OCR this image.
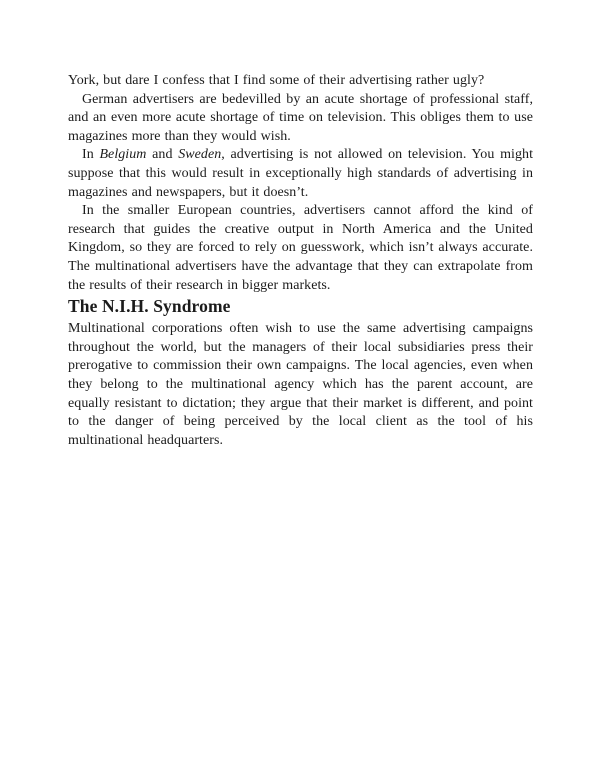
York, but dare I confess that I find some of their advertising rather ugly?

German advertisers are bedevilled by an acute shortage of professional staff, and an even more acute shortage of time on television. This obliges them to use magazines more than they would wish.

In Belgium and Sweden, advertising is not allowed on television. You might suppose that this would result in exceptionally high standards of advertising in magazines and newspapers, but it doesn’t.

In the smaller European countries, advertisers cannot afford the kind of research that guides the creative output in North America and the United Kingdom, so they are forced to rely on guesswork, which isn’t always accurate. The multinational advertisers have the advantage that they can extrapolate from the results of their research in bigger markets.

The N.I.H. Syndrome

Multinational corporations often wish to use the same advertising campaigns throughout the world, but the managers of their local subsidiaries press their prerogative to commission their own campaigns. The local agencies, even when they belong to the multinational agency which has the parent account, are equally resistant to dictation; they argue that their market is different, and point to the danger of being perceived by the local client as the tool of his multinational headquarters.
